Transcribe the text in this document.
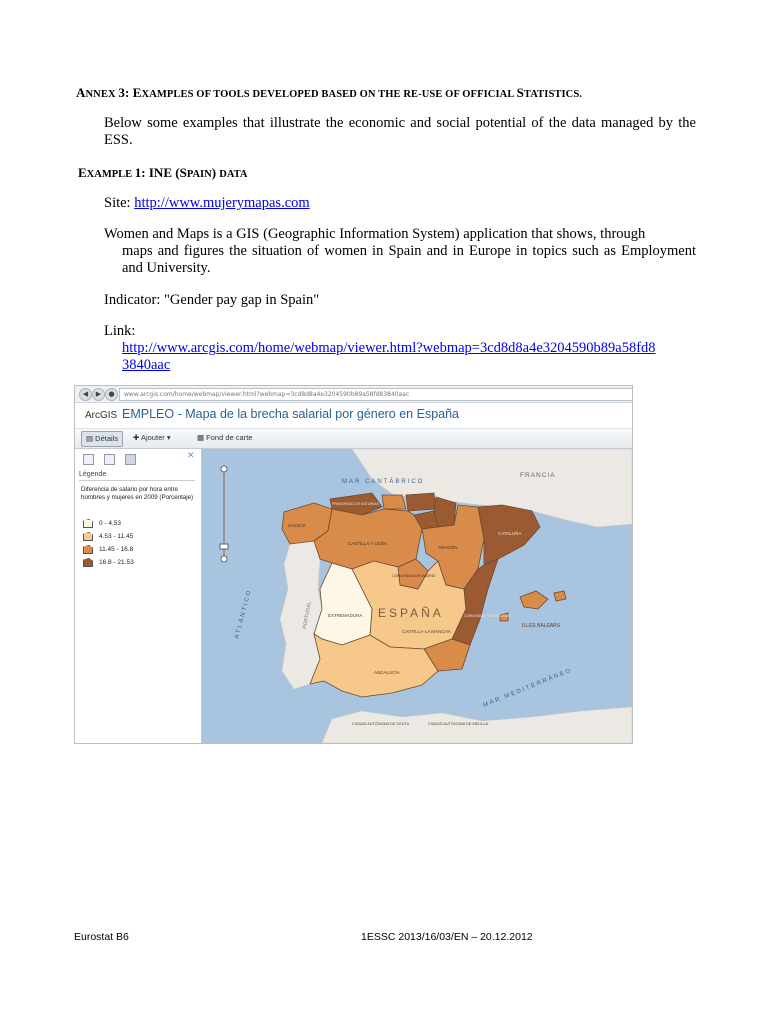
ANNEX 3: EXAMPLES OF TOOLS DEVELOPED BASED ON THE RE-USE OF OFFICIAL STATISTICS.
Below some examples that illustrate the economic and social potential of the data managed by the ESS.
EXAMPLE 1: INE (SPAIN) DATA
Site: http://www.mujerymapas.com
Women and Maps is a GIS (Geographic Information System) application that shows, through
maps and figures the situation of women in Spain and in Europe in topics such as Employment and University.
Indicator: "Gender pay gap in Spain"
Link:
http://www.arcgis.com/home/webmap/viewer.html?webmap=3cd8d8a4e3204590b89a58fd8
3840aac
◀	▶	●	www.arcgis.com/home/webmap/viewer.html?webmap=3cd8d8a4e3204590b89a58fd83840aac
ArcGIS EMPLEO - Mapa de la brecha salarial por género en España
▤ Détails	✚ Ajouter ▾	▦ Fond de carte
✕
Légende
Diferencia de salario por hora entre hombres y mujeres en 2009 (Porcentaje)
0 - 4.53
4.53 - 11.45
11.45 - 16.8
16.8 - 21.53
MAR CANTÁBRICO
FRANCIA
ATLÁNTICO	PORTUGAL	ESPAÑA
MAR MEDITERRÁNEO
CASTILLA Y LEÓN
CASTILLA-LA MANCHA
EXTREMADURA
ANDALUCÍA
ARAGÓN
CATALUÑA
GALICIA
PRINCIPADO DE ASTURIAS
COMUNIDAD DE MADRID
COMUNIDAD VALENCIANA
ILLES BALEARS
CIUDAD AUTÓNOMA DE CEUTA	CIUDAD AUTÓNOMA DE MELILLA
Eurostat B6	1ESSC 2013/16/03/EN – 20.12.2012
